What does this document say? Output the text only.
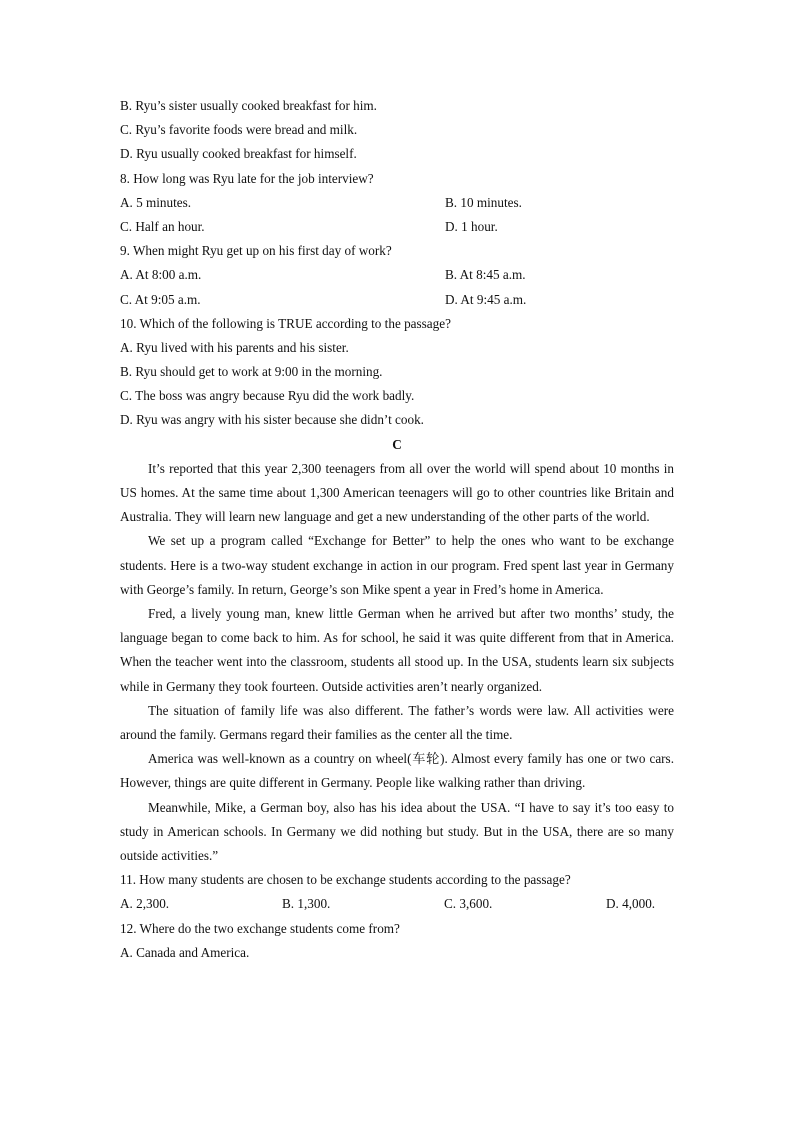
B. Ryu’s sister usually cooked breakfast for him.
C. Ryu’s favorite foods were bread and milk.
D. Ryu usually cooked breakfast for himself.
8. How long was Ryu late for the job interview?
A. 5 minutes.	B. 10 minutes.
C. Half an hour.	D. 1 hour.
9. When might Ryu get up on his first day of work?
A. At 8:00 a.m.	B. At 8:45 a.m.
C. At 9:05 a.m.	D. At 9:45 a.m.
10. Which of the following is TRUE according to the passage?
A. Ryu lived with his parents and his sister.
B. Ryu should get to work at 9:00 in the morning.
C. The boss was angry because Ryu did the work badly.
D. Ryu was angry with his sister because she didn’t cook.
C

It’s reported that this year 2,300 teenagers from all over the world will spend about 10 months in US homes. At the same time about 1,300 American teenagers will go to other countries like Britain and Australia. They will learn new language and get a new understanding of the other parts of the world.

We set up a program called “Exchange for Better” to help the ones who want to be exchange students. Here is a two-way student exchange in action in our program. Fred spent last year in Germany with George’s family. In return, George’s son Mike spent a year in Fred’s home in America.

Fred, a lively young man, knew little German when he arrived but after two months’ study, the language began to come back to him. As for school, he said it was quite different from that in America. When the teacher went into the classroom, students all stood up. In the USA, students learn six subjects while in Germany they took fourteen. Outside activities aren’t nearly organized.

The situation of family life was also different. The father’s words were law. All activities were around the family. Germans regard their families as the center all the time.

America was well-known as a country on wheel(车轮). Almost every family has one or two cars. However, things are quite different in Germany. People like walking rather than driving.

Meanwhile, Mike, a German boy, also has his idea about the USA. “I have to say it’s too easy to study in American schools. In Germany we did nothing but study. But in the USA, there are so many outside activities.”

11. How many students are chosen to be exchange students according to the passage?
A. 2,300.	B. 1,300.	C. 3,600.	D. 4,000.
12. Where do the two exchange students come from?
A. Canada and America.
